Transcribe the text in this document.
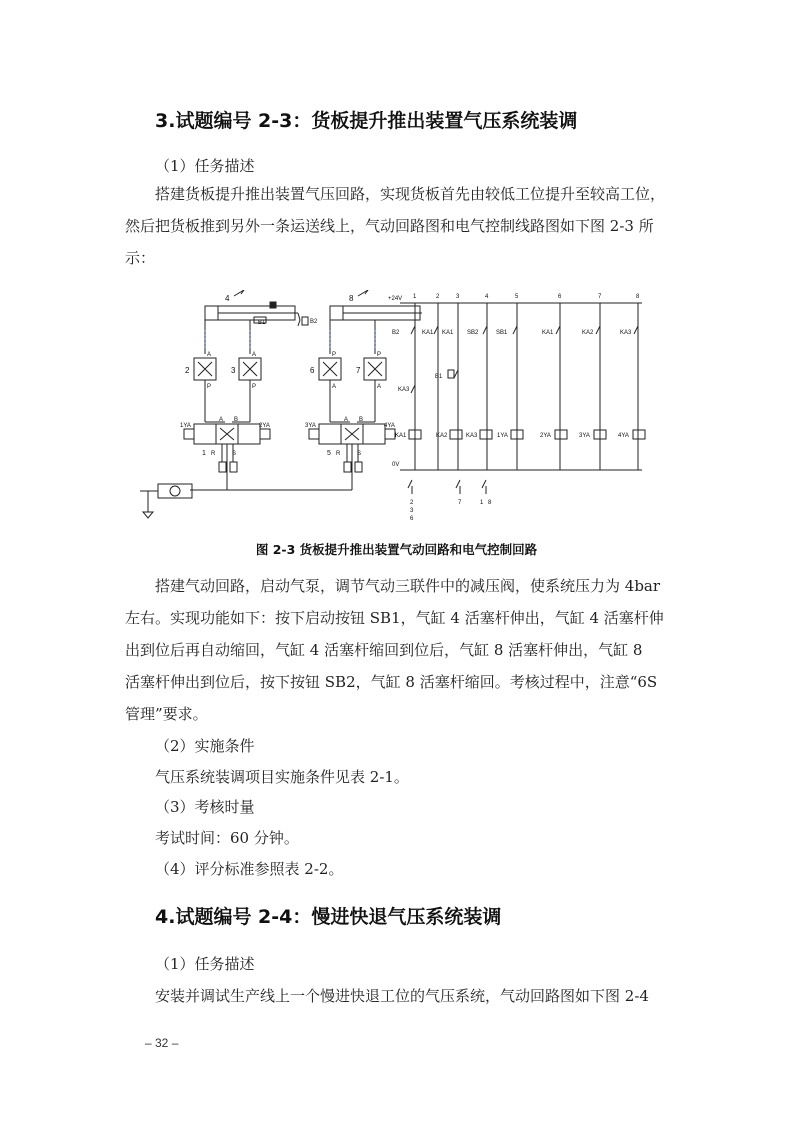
3.试题编号 2-3：货板提升推出装置气压系统装调
（1）任务描述
搭建货板提升推出装置气压回路，实现货板首先由较低工位提升至较高工位，
然后把货板推到另外一条运送线上，气动回路图和电气控制线路图如下图 2-3 所
示：
4	8
B1	B2
2	3	6	7
A
P
A
P
P
A
P
A
A B	A B
1 R	S	5 R	S
1YA	2YA	3YA	4YA
+24V
0V
1	2	3	4	5	6	7	8
B2	KA1 KA1 SB2	SB1	KA1	KA2	KA3
B1
KA3
KA1	KA2	KA3	1YA	2YA	3YA	4YA
2
3
6
7	1 8
图 2-3 货板提升推出装置气动回路和电气控制回路
搭建气动回路，启动气泵，调节气动三联件中的减压阀，使系统压力为 4bar
左右。实现功能如下：按下启动按钮 SB1，气缸 4 活塞杆伸出，气缸 4 活塞杆伸
出到位后再自动缩回，气缸 4 活塞杆缩回到位后，气缸 8 活塞杆伸出，气缸 8
活塞杆伸出到位后，按下按钮 SB2，气缸 8 活塞杆缩回。考核过程中，注意“6S
管理”要求。
（2）实施条件
气压系统装调项目实施条件见表 2-1。
（3）考核时量
考试时间：60 分钟。
（4）评分标准参照表 2-2。
4.试题编号 2-4：慢进快退气压系统装调
（1）任务描述
安装并调试生产线上一个慢进快退工位的气压系统，气动回路图如下图 2-4
– 32 –
